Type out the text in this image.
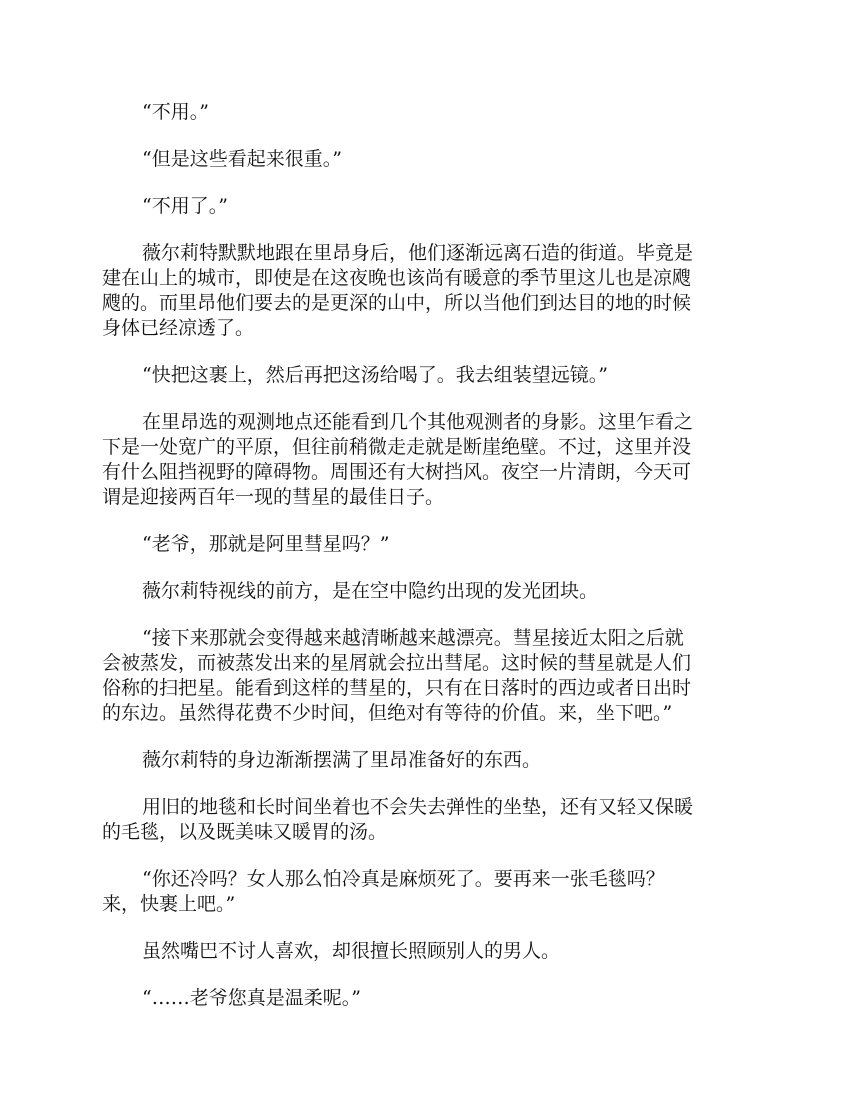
“不用。”

“但是这些看起来很重。”

“不用了。”

薇尔莉特默默地跟在里昂身后，他们逐渐远离石造的街道。毕竟是
建在山上的城市，即使是在这夜晚也该尚有暖意的季节里这儿也是凉飕
飕的。而里昂他们要去的是更深的山中，所以当他们到达目的地的时候
身体已经凉透了。

“快把这裹上，然后再把这汤给喝了。我去组装望远镜。”

在里昂选的观测地点还能看到几个其他观测者的身影。这里乍看之
下是一处宽广的平原，但往前稍微走走就是断崖绝壁。不过，这里并没
有什么阻挡视野的障碍物。周围还有大树挡风。夜空一片清朗，今天可
谓是迎接两百年一现的彗星的最佳日子。

“老爷，那就是阿里彗星吗？”

薇尔莉特视线的前方，是在空中隐约出现的发光团块。

“接下来那就会变得越来越清晰越来越漂亮。彗星接近太阳之后就
会被蒸发，而被蒸发出来的星屑就会拉出彗尾。这时候的彗星就是人们
俗称的扫把星。能看到这样的彗星的，只有在日落时的西边或者日出时
的东边。虽然得花费不少时间，但绝对有等待的价值。来，坐下吧。”

薇尔莉特的身边渐渐摆满了里昂准备好的东西。

用旧的地毯和长时间坐着也不会失去弹性的坐垫，还有又轻又保暖
的毛毯，以及既美味又暖胃的汤。

“你还冷吗？女人那么怕冷真是麻烦死了。要再来一张毛毯吗？
来，快裹上吧。”

虽然嘴巴不讨人喜欢，却很擅长照顾别人的男人。

“……老爷您真是温柔呢。”
